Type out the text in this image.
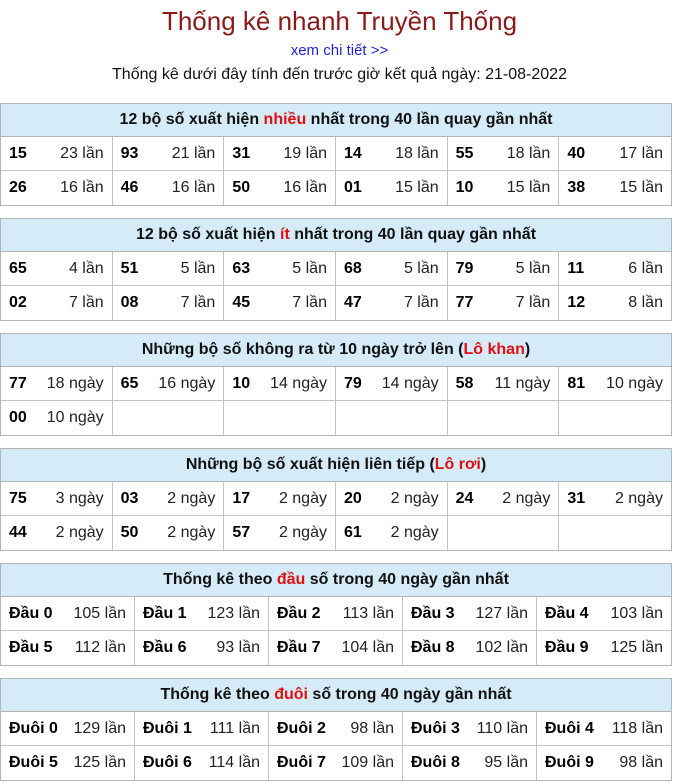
Thống kê nhanh Truyền Thống
xem chi tiết >>
Thống kê dưới đây tính đến trước giờ kết quả ngày: 21-08-2022
12 bộ số xuất hiện nhiều nhất trong 40 lần quay gần nhất
15 23 lần 93 21 lần 31 19 lần 14 18 lần 55 18 lần 40 17 lần
26 16 lần 46 16 lần 50 16 lần 01 15 lần 10 15 lần 38 15 lần
12 bộ số xuất hiện ít nhất trong 40 lần quay gần nhất
65	4 lần 51	5 lần 63	5 lần 68	5 lần 79	5 lần 11	6 lần
02	7 lần 08	7 lần 45	7 lần 47	7 lần 77	7 lần 12	8 lần
Những bộ số không ra từ 10 ngày trở lên (Lô khan)
77 18 ngày 65 16 ngày 10 14 ngày 79 14 ngày 58 11 ngày 81 10 ngày
00 10 ngày
Những bộ số xuất hiện liên tiếp (Lô rơi)
75 3 ngày 03 2 ngày 17 2 ngày 20 2 ngày 24 2 ngày 31 2 ngày
44 2 ngày 50 2 ngày 57 2 ngày 61 2 ngày
Thống kê theo đầu số trong 40 ngày gần nhất
Đầu 0 105 lần Đầu 1 123 lần Đầu 2 113 lần Đầu 3 127 lần Đầu 4 103 lần
Đầu 5 112 lần Đầu 6 93 lần Đầu 7 104 lần Đầu 8 102 lần Đầu 9 125 lần
Thống kê theo đuôi số trong 40 ngày gần nhất
Đuôi 0 129 lần Đuôi 1 111 lần Đuôi 2 98 lần Đuôi 3 110 lần Đuôi 4 118 lần
Đuôi 5 125 lần Đuôi 6 114 lần Đuôi 7 109 lần Đuôi 8 95 lần Đuôi 9 98 lần
